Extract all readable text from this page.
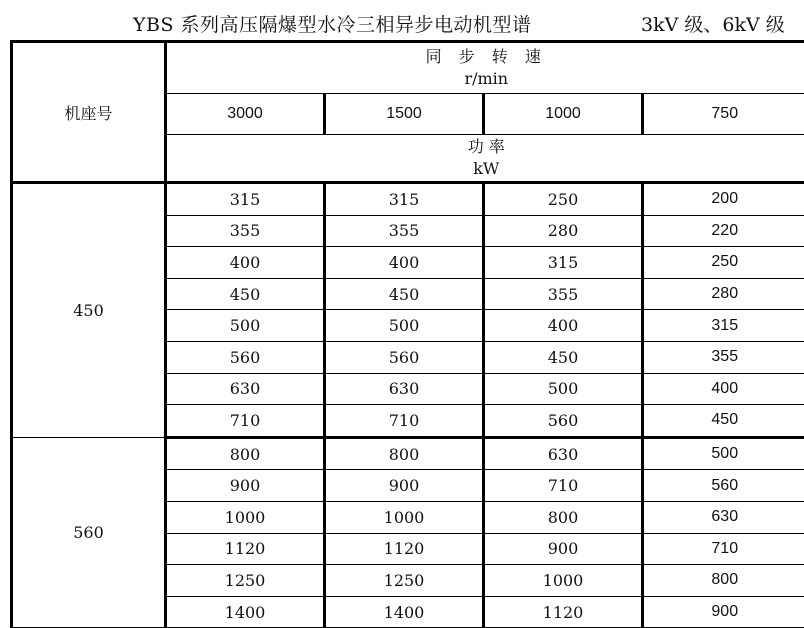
YBS 系列高压隔爆型水冷三相异步电动机型谱	3kV 级、6kV 级
机座号	同 步 转 速
r/min			

	3000	1500	1000	750

	功 率
kW			

450	315	315	250	200
	355	355	280	220
	400	400	315	250
	450	450	355	280
	500	500	400	315
	560	560	450	355
	630	630	500	400
	710	710	560	450
560	800	800	630	500
	900	900	710	560
	1000	1000	800	630
	1120	1120	900	710
	1250	1250	1000	800
	1400	1400	1120	900
